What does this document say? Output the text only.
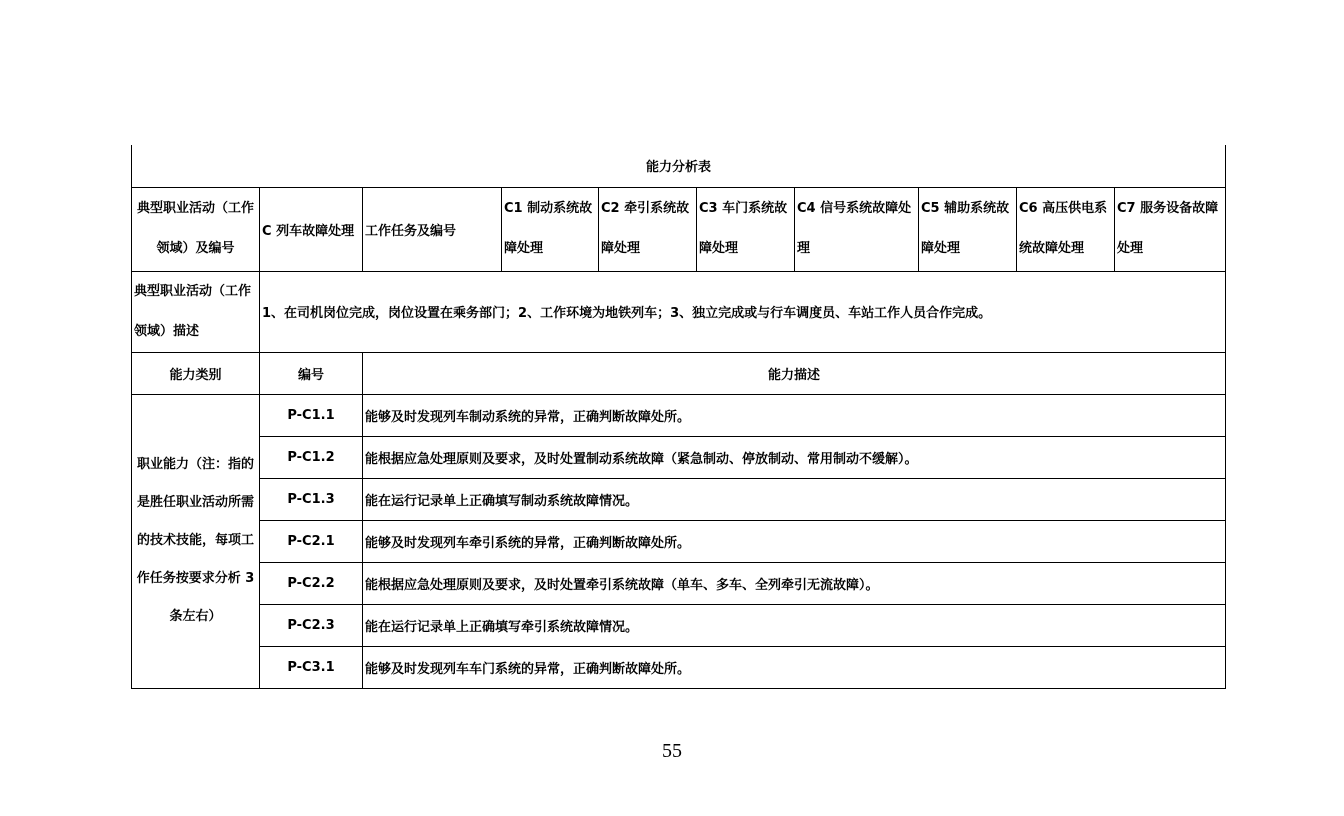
能力分析表									
典型职业活动（工作领域）及编号	C 列车故障处理	工作任务及编号	C1 制动系统故障处理	C2 牵引系统故障处理	C3 车门系统故障处理	C4 信号系统故障处理	C5 辅助系统故障处理	C6 高压供电系统故障处理	C7 服务设备故障处理
典型职业活动（工作领域）描述	1、在司机岗位完成，岗位设置在乘务部门；2、工作环境为地铁列车；3、独立完成或与行车调度员、车站工作人员合作完成。								
能力类别	编号	能力描述							
职业能力（注：指的是胜任职业活动所需的技术技能，每项工作任务按要求分析 3 条左右）	P-C1.1	能够及时发现列车制动系统的异常，正确判断故障处所。							
	P-C1.2	能根据应急处理原则及要求，及时处置制动系统故障（紧急制动、停放制动、常用制动不缓解）。							
	P-C1.3	能在运行记录单上正确填写制动系统故障情况。							
	P-C2.1	能够及时发现列车牵引系统的异常，正确判断故障处所。							
	P-C2.2	能根据应急处理原则及要求，及时处置牵引系统故障（单车、多车、全列牵引无流故障）。							
	P-C2.3	能在运行记录单上正确填写牵引系统故障情况。							
	P-C3.1	能够及时发现列车车门系统的异常，正确判断故障处所。							
55
